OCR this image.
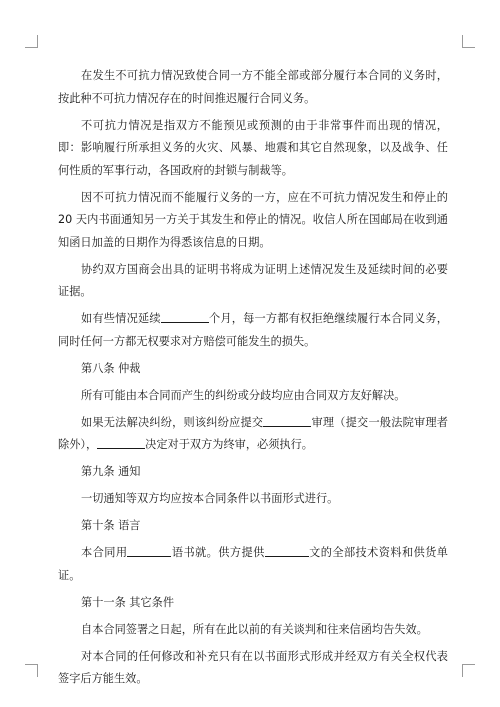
在发生不可抗力情况致使合同一方不能全部或部分履行本合同的义务时，按此种不可抗力情况存在的时间推迟履行合同义务。

不可抗力情况是指双方不能预见或预测的由于非常事件而出现的情况，即：影响履行所承担义务的火灾、风暴、地震和其它自然现象，以及战争、任何性质的军事行动，各国政府的封锁与制裁等。

因不可抗力情况而不能履行义务的一方，应在不可抗力情况发生和停止的 20 天内书面通知另一方关于其发生和停止的情况。收信人所在国邮局在收到通知函日加盖的日期作为得悉该信息的日期。

协约双方国商会出具的证明书将成为证明上述情况发生及延续时间的必要证据。

如有些情况延续	个月，每一方都有权拒绝继续履行本合同义务，同时任何一方都无权要求对方赔偿可能发生的损失。

第八条 仲裁

所有可能由本合同而产生的纠纷或分歧均应由合同双方友好解决。

如果无法解决纠纷，则该纠纷应提交	审理（提交一般法院审理者除外），	决定对于双方为终审，必须执行。

第九条 通知

一切通知等双方均应按本合同条件以书面形式进行。

第十条 语言

本合同用	语书就。供方提供	文的全部技术资料和供货单证。

第十一条 其它条件

自本合同签署之日起，所有在此以前的有关谈判和往来信函均告失效。

对本合同的任何修改和补充只有在以书面形式形成并经双方有关全权代表签字后方能生效。
